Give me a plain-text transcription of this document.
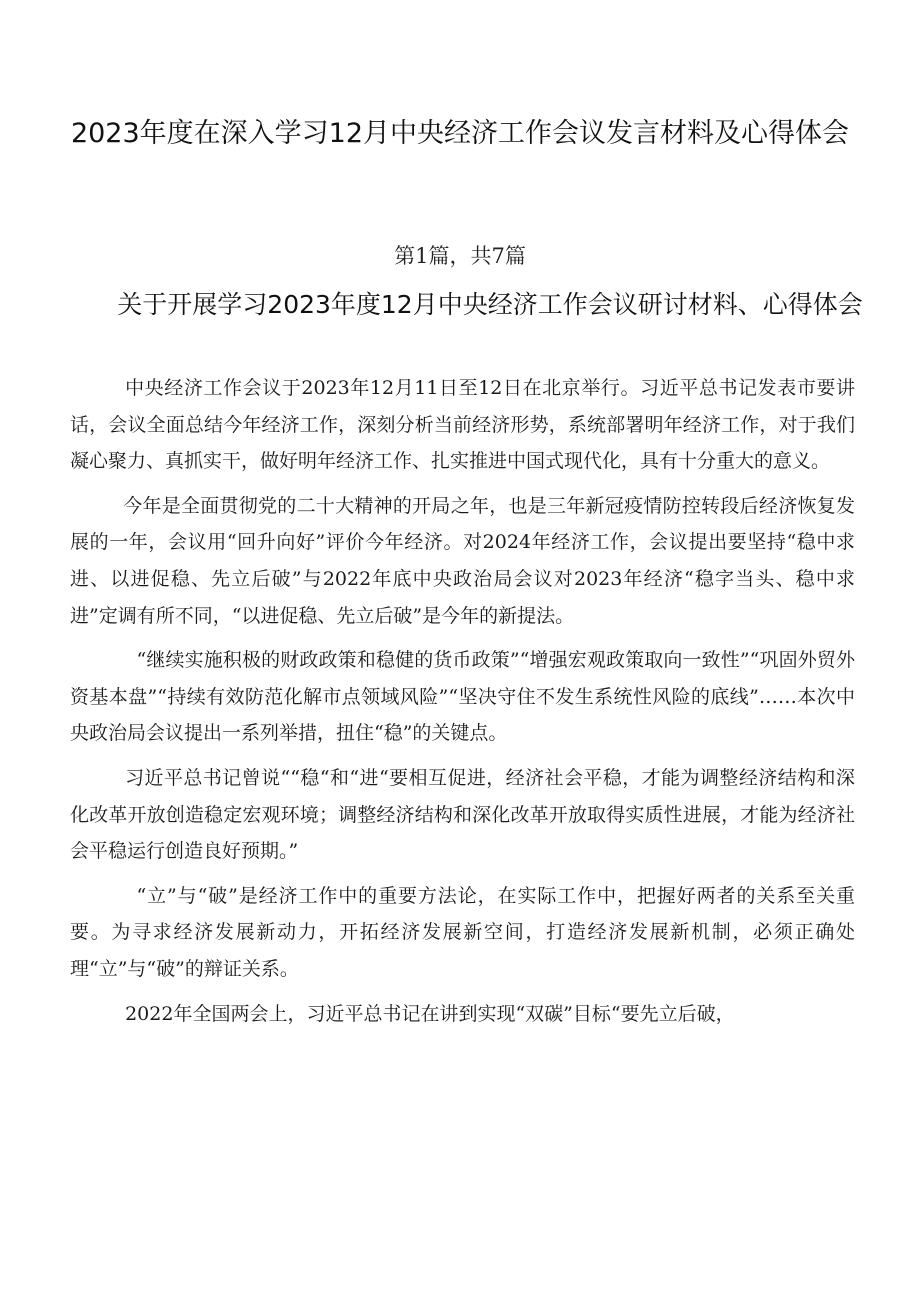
2023年度在深入学习12月中央经济工作会议发言材料及心得体会
第1篇，共7篇
关于开展学习2023年度12月中央经济工作会议研讨材料、心得体会

中央经济工作会议于2023年12月11日至12日在北京举行。习近平总书记发表市要讲话，会议全面总结今年经济工作，深刻分析当前经济形势，系统部署明年经济工作，对于我们凝心聚力、真抓实干，做好明年经济工作、扎实推进中国式现代化，具有十分重大的意义。

今年是全面贯彻党的二十大精神的开局之年，也是三年新冠疫情防控转段后经济恢复发展的一年，会议用“回升向好”评价今年经济。对2024年经济工作，会议提出要坚持“稳中求进、以进促稳、先立后破”与2022年底中央政治局会议对2023年经济“稳字当头、稳中求进”定调有所不同，“以进促稳、先立后破”是今年的新提法。

“继续实施积极的财政政策和稳健的货币政策”“增强宏观政策取向一致性”“巩固外贸外资基本盘”“持续有效防范化解市点领域风险”“坚决守住不发生系统性风险的底线”……本次中央政治局会议提出一系列举措，扭住“稳”的关键点。

习近平总书记曾说““稳“和“进“要相互促进，经济社会平稳，才能为调整经济结构和深化改革开放创造稳定宏观环境；调整经济结构和深化改革开放取得实质性进展，才能为经济社会平稳运行创造良好预期。”

“立”与“破”是经济工作中的重要方法论，在实际工作中，把握好两者的关系至关重要。为寻求经济发展新动力，开拓经济发展新空间，打造经济发展新机制，必须正确处理“立”与“破”的辩证关系。

2022年全国两会上，习近平总书记在讲到实现“双碳”目标“要先立后破，
